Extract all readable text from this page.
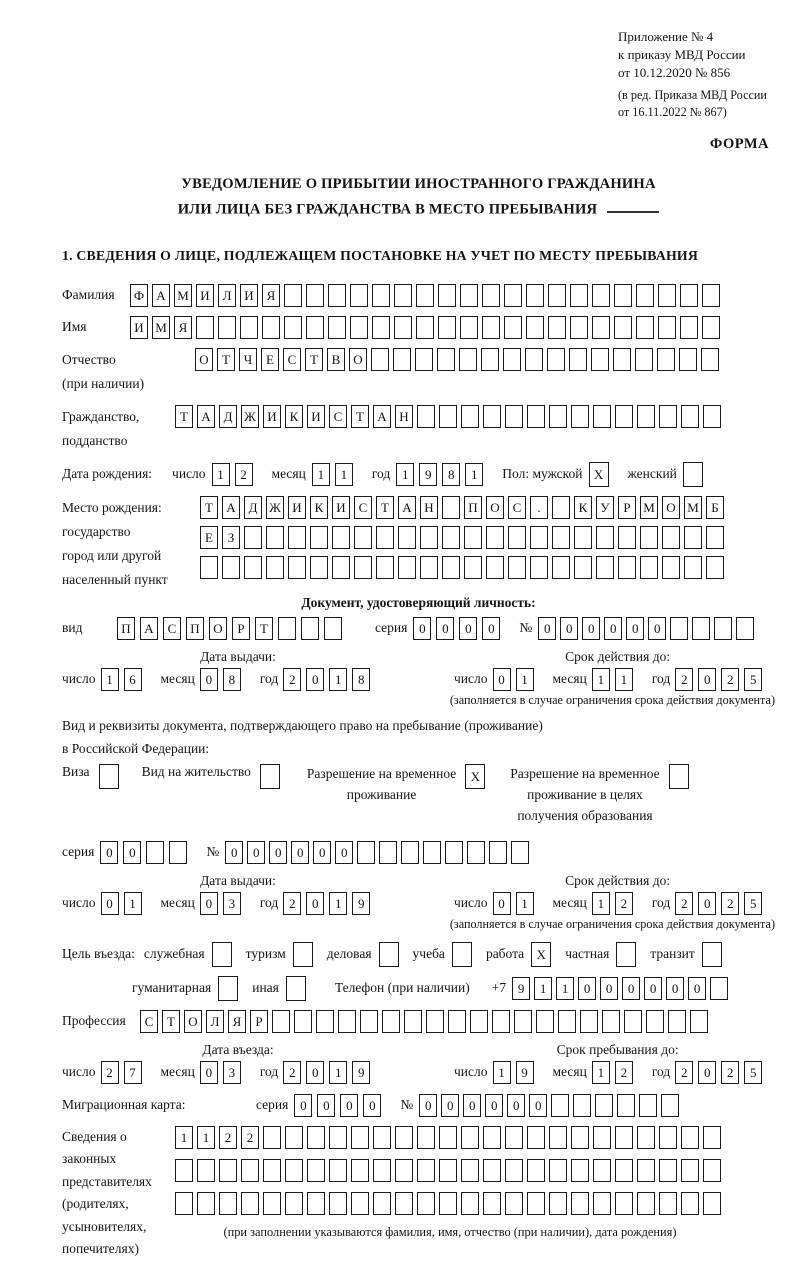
Приложение № 4
к приказу МВД России
от 10.12.2020 № 856
(в ред. Приказа МВД России
от 16.11.2022 № 867)
ФОРМА
УВЕДОМЛЕНИЕ О ПРИБЫТИИ ИНОСТРАННОГО ГРАЖДАНИНА
ИЛИ ЛИЦА БЕЗ ГРАЖДАНСТВА В МЕСТО ПРЕБЫВАНИЯ
1. СВЕДЕНИЯ О ЛИЦЕ, ПОДЛЕЖАЩЕМ ПОСТАНОВКЕ НА УЧЕТ ПО МЕСТУ ПРЕБЫВАНИЯ
Фамилия	Ф А М И Л И Я
Имя	И М Я
Отчество
(при наличии)
О Т Ч Е С Т В О
Гражданство,
подданство
Т А Д Ж И К И С Т А Н
Дата рождения: число 1 2	месяц 1 1	год 1 9 8 1	Пол: мужской X	женский
Место рождения:
государство
город или другой
населенный пункт
Т А Д Ж И К И С Т А Н	П О С .	К У Р М О М Б
Е З
Документ, удостоверяющий личность:
вид	П А С П О Р Т	серия 0 0 0 0	№ 0 0 0 0 0 0
Дата выдачи:
число 1 6	месяц 0 8	год 2 0 1 8
Срок действия до:
число 0 1	месяц 1 1	год 2 0 2 5
(заполняется в случае ограничения срока действия документа)
Вид и реквизиты документа, подтверждающего право на пребывание (проживание)
в Российской Федерации:
Виза	Вид на жительство	Разрешение на временное
проживание
X	Разрешение на временное
проживание в целях
получения образования
серия 0 0	№ 0 0 0 0 0 0
Дата выдачи:
число 0 1	месяц 0 3	год 2 0 1 9
Срок действия до:
число 0 1	месяц 1 2	год 2 0 2 5
(заполняется в случае ограничения срока действия документа)
Цель въезда: служебная	туризм	деловая	учеба	работа X	частная	транзит
гуманитарная	иная	Телефон (при наличии) +7 9 1 1 0 0 0 0 0 0
Профессия	С Т О Л Я Р
Дата въезда:
число 2 7	месяц 0 3	год 2 0 1 9
Срок пребывания до:
число 1 9	месяц 1 2	год 2 0 2 5
Миграционная карта:	серия 0 0 0 0	№ 0 0 0 0 0 0
Сведения о
законных
представителях
(родителях,
усыновителях,
попечителях)
1 1 2 2
(при заполнении указываются фамилия, имя, отчество (при наличии), дата рождения)
